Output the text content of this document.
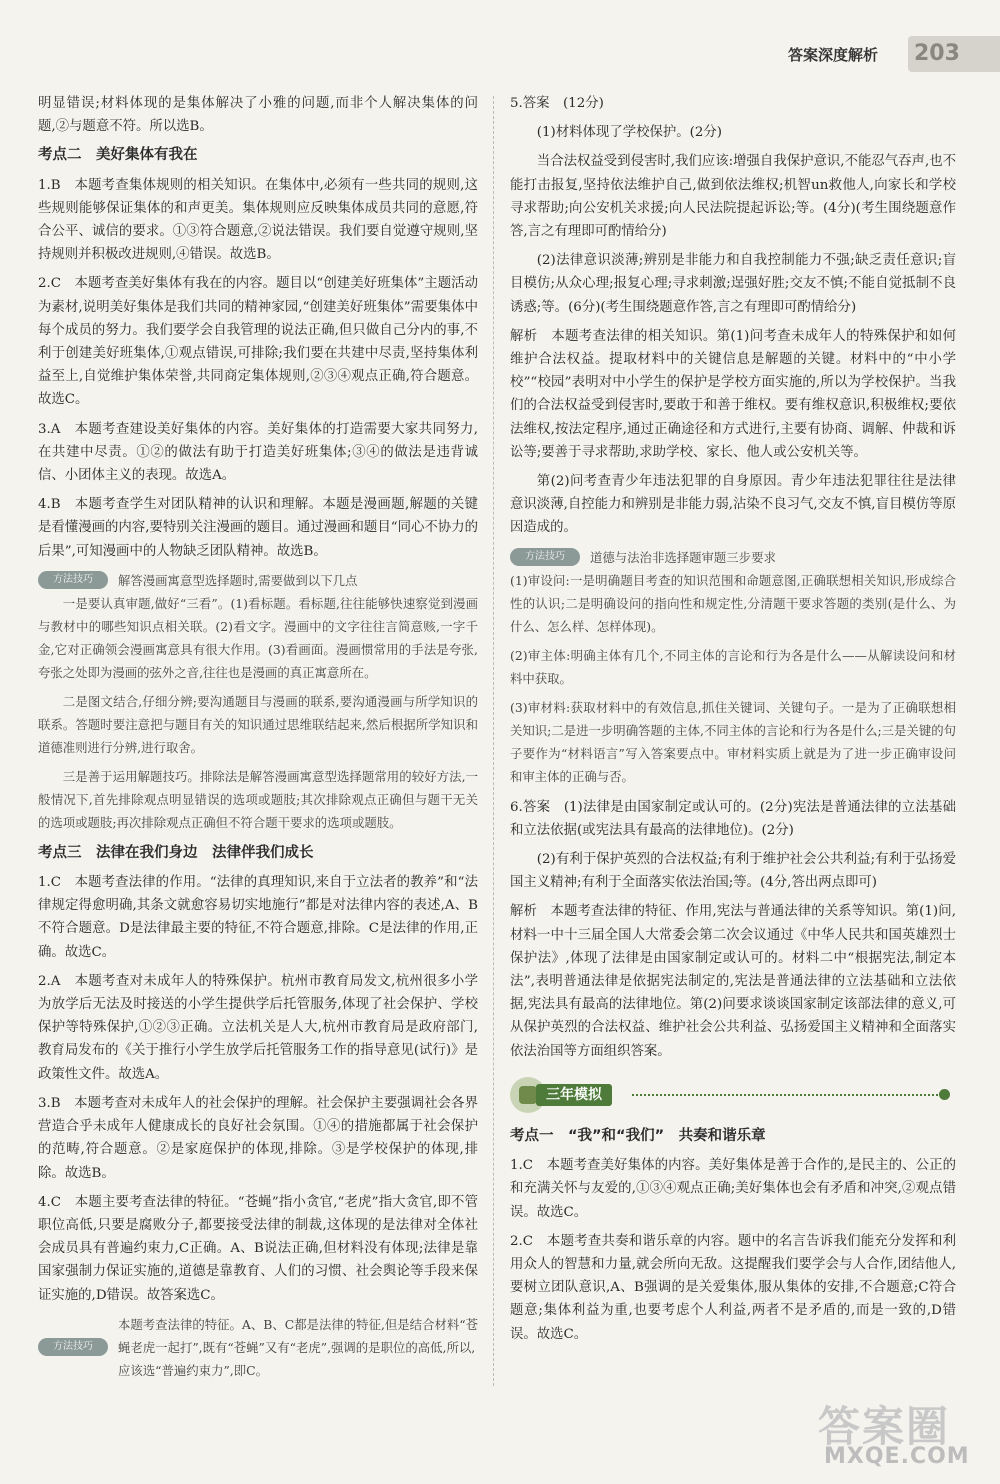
答案深度解析 203

明显错误;材料体现的是集体解决了小雅的问题,而非个人解决集体的问题,②与题意不符。所以选B。

考点二　美好集体有我在

1.B　本题考查集体规则的相关知识。在集体中,必须有一些共同的规则,这些规则能够保证集体的和声更美。集体规则应反映集体成员共同的意愿,符合公平、诚信的要求。①③符合题意,②说法错误。我们要自觉遵守规则,坚持规则并积极改进规则,④错误。故选B。

2.C　本题考查美好集体有我在的内容。题目以“创建美好班集体”主题活动为素材,说明美好集体是我们共同的精神家园,“创建美好班集体”需要集体中每个成员的努力。我们要学会自我管理的说法正确,但只做自己分内的事,不利于创建美好班集体,①观点错误,可排除;我们要在共建中尽责,坚持集体利益至上,自觉维护集体荣誉,共同商定集体规则,②③④观点正确,符合题意。故选C。

3.A　本题考查建设美好集体的内容。美好集体的打造需要大家共同努力,在共建中尽责。①②的做法有助于打造美好班集体;③④的做法是违背诚信、小团体主义的表现。故选A。

4.B　本题考查学生对团队精神的认识和理解。本题是漫画题,解题的关键是看懂漫画的内容,要特别关注漫画的题目。通过漫画和题目“同心不协力的后果”,可知漫画中的人物缺乏团队精神。故选B。

方法技巧	解答漫画寓意型选择题时,需要做到以下几点

一是要认真审题,做好“三看”。(1)看标题。看标题,往往能够快速察觉到漫画与教材中的哪些知识点相关联。(2)看文字。漫画中的文字往往言简意赅,一字千金,它对正确领会漫画寓意具有很大作用。(3)看画面。漫画惯常用的手法是夸张,夸张之处即为漫画的弦外之音,往往也是漫画的真正寓意所在。

二是图文结合,仔细分辨;要沟通题目与漫画的联系,要沟通漫画与所学知识的联系。答题时要注意把与题目有关的知识通过思维联结起来,然后根据所学知识和道德准则进行分辨,进行取舍。

三是善于运用解题技巧。排除法是解答漫画寓意型选择题常用的较好方法,一般情况下,首先排除观点明显错误的选项或题肢;其次排除观点正确但与题干无关的选项或题肢;再次排除观点正确但不符合题干要求的选项或题肢。

考点三　法律在我们身边　法律伴我们成长

1.C　本题考查法律的作用。“法律的真理知识,来自于立法者的教养”和“法律规定得愈明确,其条文就愈容易切实地施行”都是对法律内容的表述,A、B不符合题意。D是法律最主要的特征,不符合题意,排除。C是法律的作用,正确。故选C。

2.A　本题考查对未成年人的特殊保护。杭州市教育局发文,杭州很多小学为放学后无法及时接送的小学生提供学后托管服务,体现了社会保护、学校保护等特殊保护,①②③正确。立法机关是人大,杭州市教育局是政府部门,教育局发布的《关于推行小学生放学后托管服务工作的指导意见(试行)》是政策性文件。故选A。

3.B　本题考查对未成年人的社会保护的理解。社会保护主要强调社会各界营造合乎未成年人健康成长的良好社会氛围。①④的措施都属于社会保护的范畴,符合题意。②是家庭保护的体现,排除。③是学校保护的体现,排除。故选B。

4.C　本题主要考查法律的特征。“苍蝇”指小贪官,“老虎”指大贪官,即不管职位高低,只要是腐败分子,都要接受法律的制裁,这体现的是法律对全体社会成员具有普遍约束力,C正确。A、B说法正确,但材料没有体现;法律是靠国家强制力保证实施的,道德是靠教育、人们的习惯、社会舆论等手段来保证实施的,D错误。故答案选C。

方法技巧
本题考查法律的特征。A、B、C都是法律的特征,但是结合材料“苍蝇老虎一起打”,既有“苍蝇”又有“老虎”,强调的是职位的高低,所以,应该选“普遍约束力”,即C。

5.答案　(12分)

(1)材料体现了学校保护。(2分)

当合法权益受到侵害时,我们应该:增强自我保护意识,不能忍气吞声,也不能打击报复,坚持依法维护自己,做到依法维权;机智un救他人,向家长和学校寻求帮助;向公安机关求援;向人民法院提起诉讼;等。(4分)(考生围绕题意作答,言之有理即可酌情给分)

(2)法律意识淡薄;辨别是非能力和自我控制能力不强;缺乏责任意识;盲目模仿;从众心理;报复心理;寻求刺激;逞强好胜;交友不慎;不能自觉抵制不良诱惑;等。(6分)(考生围绕题意作答,言之有理即可酌情给分)

解析　本题考查法律的相关知识。第(1)问考查未成年人的特殊保护和如何维护合法权益。提取材料中的关键信息是解题的关键。材料中的“中小学校”“校园”表明对中小学生的保护是学校方面实施的,所以为学校保护。当我们的合法权益受到侵害时,要敢于和善于维权。要有维权意识,积极维权;要依法维权,按法定程序,通过正确途径和方式进行,主要有协商、调解、仲裁和诉讼等;要善于寻求帮助,求助学校、家长、他人或公安机关等。

第(2)问考查青少年违法犯罪的自身原因。青少年违法犯罪往往是法律意识淡薄,自控能力和辨别是非能力弱,沾染不良习气,交友不慎,盲目模仿等原因造成的。

方法技巧	道德与法治非选择题审题三步要求

(1)审设问:一是明确题目考查的知识范围和命题意图,正确联想相关知识,形成综合性的认识;二是明确设问的指向性和规定性,分清题干要求答题的类别(是什么、为什么、怎么样、怎样体现)。

(2)审主体:明确主体有几个,不同主体的言论和行为各是什么——从解读设问和材料中获取。

(3)审材料:获取材料中的有效信息,抓住关键词、关键句子。一是为了正确联想相关知识;二是进一步明确答题的主体,不同主体的言论和行为各是什么;三是关键的句子要作为“材料语言”写入答案要点中。审材料实质上就是为了进一步正确审设问和审主体的正确与否。

6.答案　(1)法律是由国家制定或认可的。(2分)宪法是普通法律的立法基础和立法依据(或宪法具有最高的法律地位)。(2分)

(2)有利于保护英烈的合法权益;有利于维护社会公共利益;有利于弘扬爱国主义精神;有利于全面落实依法治国;等。(4分,答出两点即可)

解析　本题考查法律的特征、作用,宪法与普通法律的关系等知识。第(1)问,材料一中十三届全国人大常委会第二次会议通过《中华人民共和国英雄烈士保护法》,体现了法律是由国家制定或认可的。材料二中“根据宪法,制定本法”,表明普通法律是依据宪法制定的,宪法是普通法律的立法基础和立法依据,宪法具有最高的法律地位。第(2)问要求谈谈国家制定该部法律的意义,可从保护英烈的合法权益、维护社会公共利益、弘扬爱国主义精神和全面落实依法治国等方面组织答案。

三年模拟
考点一　“我”和“我们”　共奏和谐乐章

1.C　本题考查美好集体的内容。美好集体是善于合作的,是民主的、公正的和充满关怀与友爱的,①③④观点正确;美好集体也会有矛盾和冲突,②观点错误。故选C。

2.C　本题考查共奏和谐乐章的内容。题中的名言告诉我们能充分发挥和利用众人的智慧和力量,就会所向无敌。这提醒我们要学会与人合作,团结他人,要树立团队意识,A、B强调的是关爱集体,服从集体的安排,不合题意;C符合题意;集体利益为重,也要考虑个人利益,两者不是矛盾的,而是一致的,D错误。故选C。

答案圈
MXQE.COM
